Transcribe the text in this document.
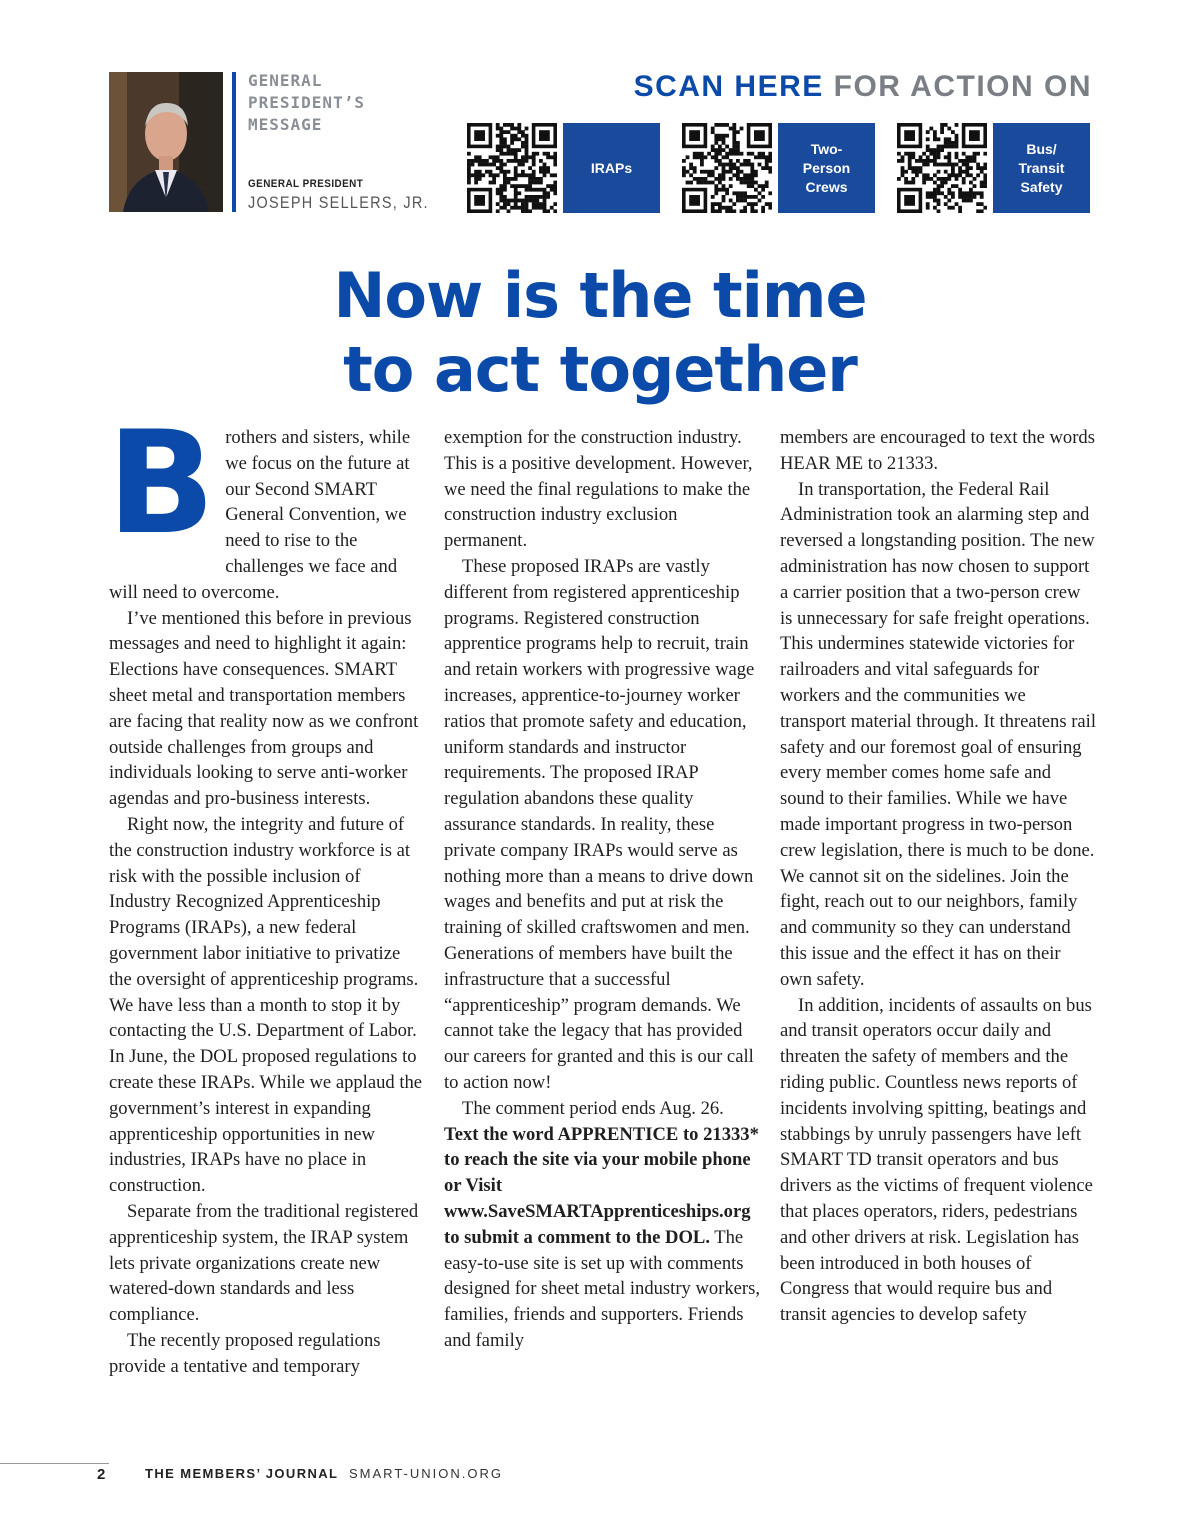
GENERAL
PRESIDENT’S
MESSAGE
GENERAL PRESIDENT
JOSEPH SELLERS, JR.
SCAN HERE FOR ACTION ON
IRAPs
Two-
Person
Crews
Bus/
Transit
Safety
Now is the time
to act together
B rothers and sisters, while we focus on the future at our Second SMART General Convention, we need to rise to the challenges we face and will need to overcome.

I’ve mentioned this before in previous messages and need to highlight it again: Elections have consequences. SMART sheet metal and transportation members are facing that reality now as we confront outside challenges from groups and individuals looking to serve anti-worker agendas and pro-business interests.

Right now, the integrity and future of the construction industry workforce is at risk with the possible inclusion of Industry Recognized Apprenticeship Programs (IRAPs), a new federal government labor initiative to privatize the oversight of apprenticeship programs. We have less than a month to stop it by contacting the U.S. Department of Labor. In June, the DOL proposed regulations to create these IRAPs. While we applaud the government’s interest in expanding apprenticeship opportunities in new industries, IRAPs have no place in construction.

Separate from the traditional registered apprenticeship system, the IRAP system lets private organizations create new watered-down standards and less compliance.

The recently proposed regulations provide a tentative and temporary

exemption for the construction industry. This is a positive development. However, we need the final regulations to make the construction industry exclusion permanent.

These proposed IRAPs are vastly different from registered apprenticeship programs. Registered construction apprentice programs help to recruit, train and retain workers with progressive wage increases, apprentice-to-journey worker ratios that promote safety and education, uniform standards and instructor requirements. The proposed IRAP regulation abandons these quality assurance standards. In reality, these private company IRAPs would serve as nothing more than a means to drive down wages and benefits and put at risk the training of skilled craftswomen and men. Generations of members have built the infrastructure that a successful “apprenticeship” program demands. We cannot take the legacy that has provided our careers for granted and this is our call to action now!

The comment period ends Aug. 26. Text the word APPRENTICE to 21333* to reach the site via your mobile phone or Visit www.SaveSMARTApprenticeships.org to submit a comment to the DOL. The easy-to-use site is set up with comments designed for sheet metal industry workers, families, friends and supporters. Friends and family

members are encouraged to text the words HEAR ME to 21333.

In transportation, the Federal Rail Administration took an alarming step and reversed a longstanding position. The new administration has now chosen to support a carrier position that a two-person crew is unnecessary for safe freight operations. This undermines statewide victories for railroaders and vital safeguards for workers and the communities we transport material through. It threatens rail safety and our foremost goal of ensuring every member comes home safe and sound to their families. While we have made important progress in two-person crew legislation, there is much to be done. We cannot sit on the sidelines. Join the fight, reach out to our neighbors, family and community so they can understand this issue and the effect it has on their own safety.

In addition, incidents of assaults on bus and transit operators occur daily and threaten the safety of members and the riding public. Countless news reports of incidents involving spitting, beatings and stabbings by unruly passengers have left SMART TD transit operators and bus drivers as the victims of frequent violence that places operators, riders, pedestrians and other drivers at risk. Legislation has been introduced in both houses of Congress that would require bus and transit agencies to develop safety

2	THE MEMBERS’ JOURNAL SMART-UNION.ORG
